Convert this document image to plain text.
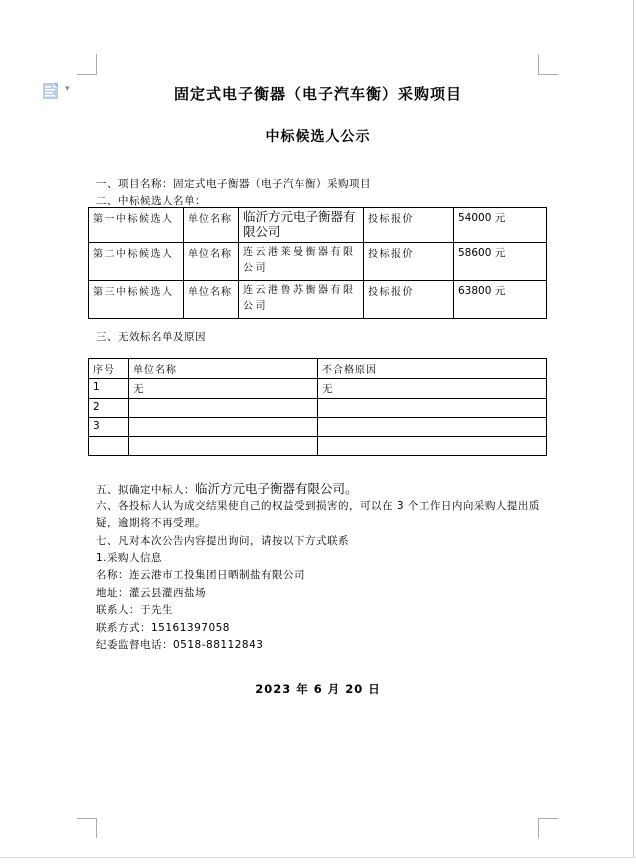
▾	固定式电子衡器（电子汽车衡）采购项目
中标候选人公示
一、项目名称：固定式电子衡器（电子汽车衡）采购项目
二、中标候选人名单：
第一中标候选人	单位名称	临沂方元电子衡器有限公司	投标报价	54000 元
第二中标候选人	单位名称	连云港莱曼衡器有限公司	投标报价	58600 元
第三中标候选人	单位名称	连云港鲁苏衡器有限公司	投标报价	63800 元
三、无效标名单及原因
序号	单位名称	不合格原因
1	无	无
2		
3		

五、拟确定中标人：临沂方元电子衡器有限公司。
六、各投标人认为成交结果使自己的权益受到损害的，可以在 3 个工作日内向采购人提出质
疑，逾期将不再受理。
七、凡对本次公告内容提出询问，请按以下方式联系
1.采购人信息
名称：连云港市工投集团日晒制盐有限公司
地址：灌云县灌西盐场
联系人：于先生
联系方式：15161397058
纪委监督电话：0518-88112843
2023 年 6 月 20 日
